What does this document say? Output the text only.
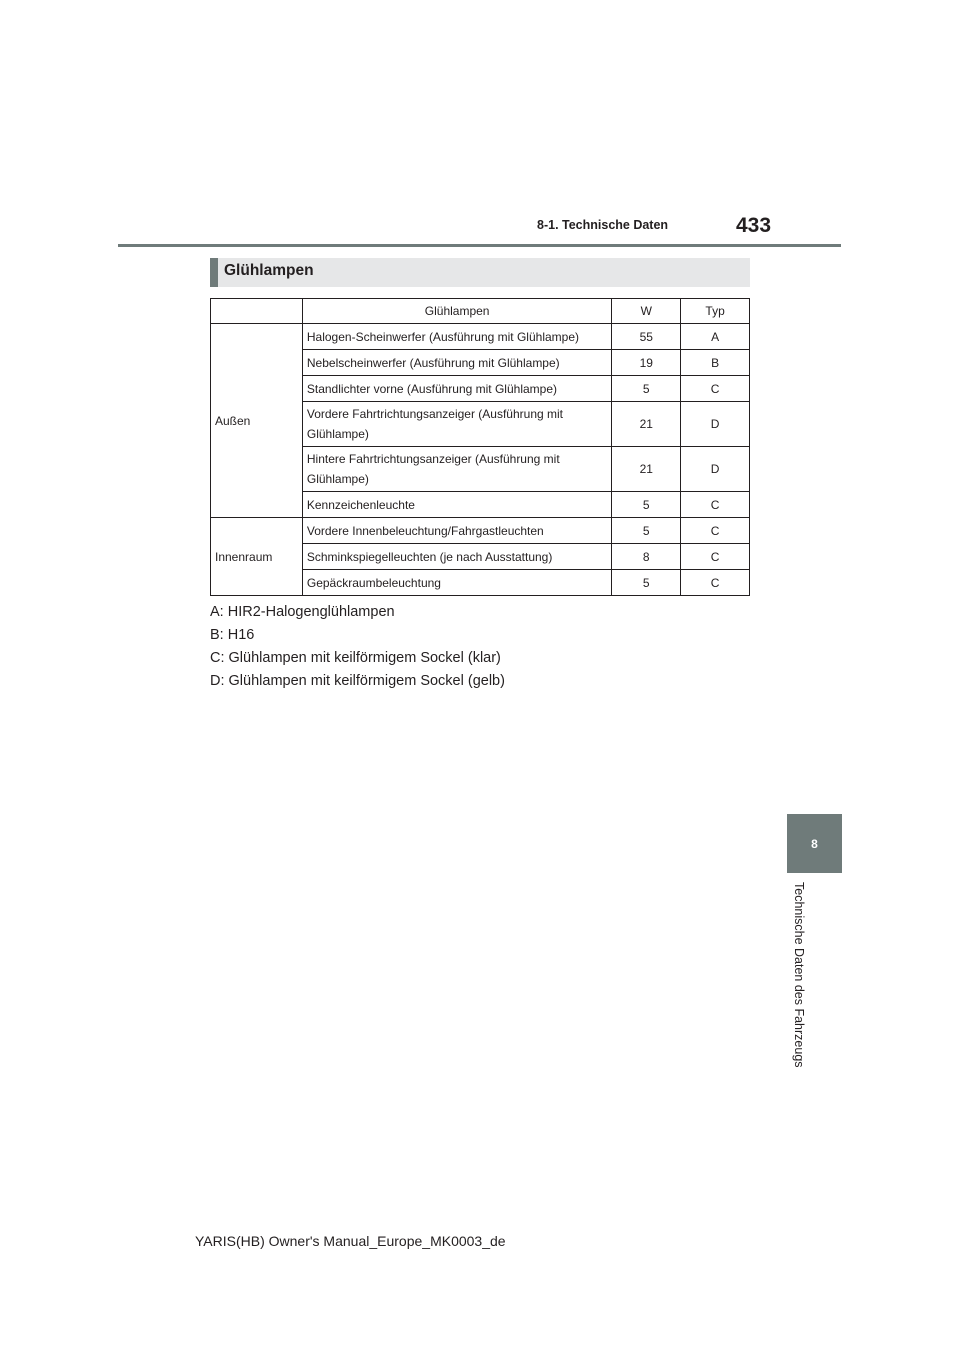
8-1. Technische Daten	433
Glühlampen
	Glühlampen	W	Typ
Außen	Halogen-Scheinwerfer (Ausführung mit Glühlampe)	55	A
	Nebelscheinwerfer (Ausführung mit Glühlampe)	19	B
	Standlichter vorne (Ausführung mit Glühlampe)	5	C
	Vordere Fahrtrichtungsanzeiger (Ausführung mit
Glühlampe)	21	D
	Hintere Fahrtrichtungsanzeiger (Ausführung mit
Glühlampe)	21	D
	Kennzeichenleuchte	5	C
Innenraum	Vordere Innenbeleuchtung/Fahrgastleuchten	5	C
	Schminkspiegelleuchten (je nach Ausstattung)	8	C
	Gepäckraumbeleuchtung	5	C
A: HIR2-Halogenglühlampen
B: H16
C: Glühlampen mit keilförmigem Sockel (klar)
D: Glühlampen mit keilförmigem Sockel (gelb)
8
Technische Daten des Fahrzeugs
YARIS(HB) Owner's Manual_Europe_MK0003_de
